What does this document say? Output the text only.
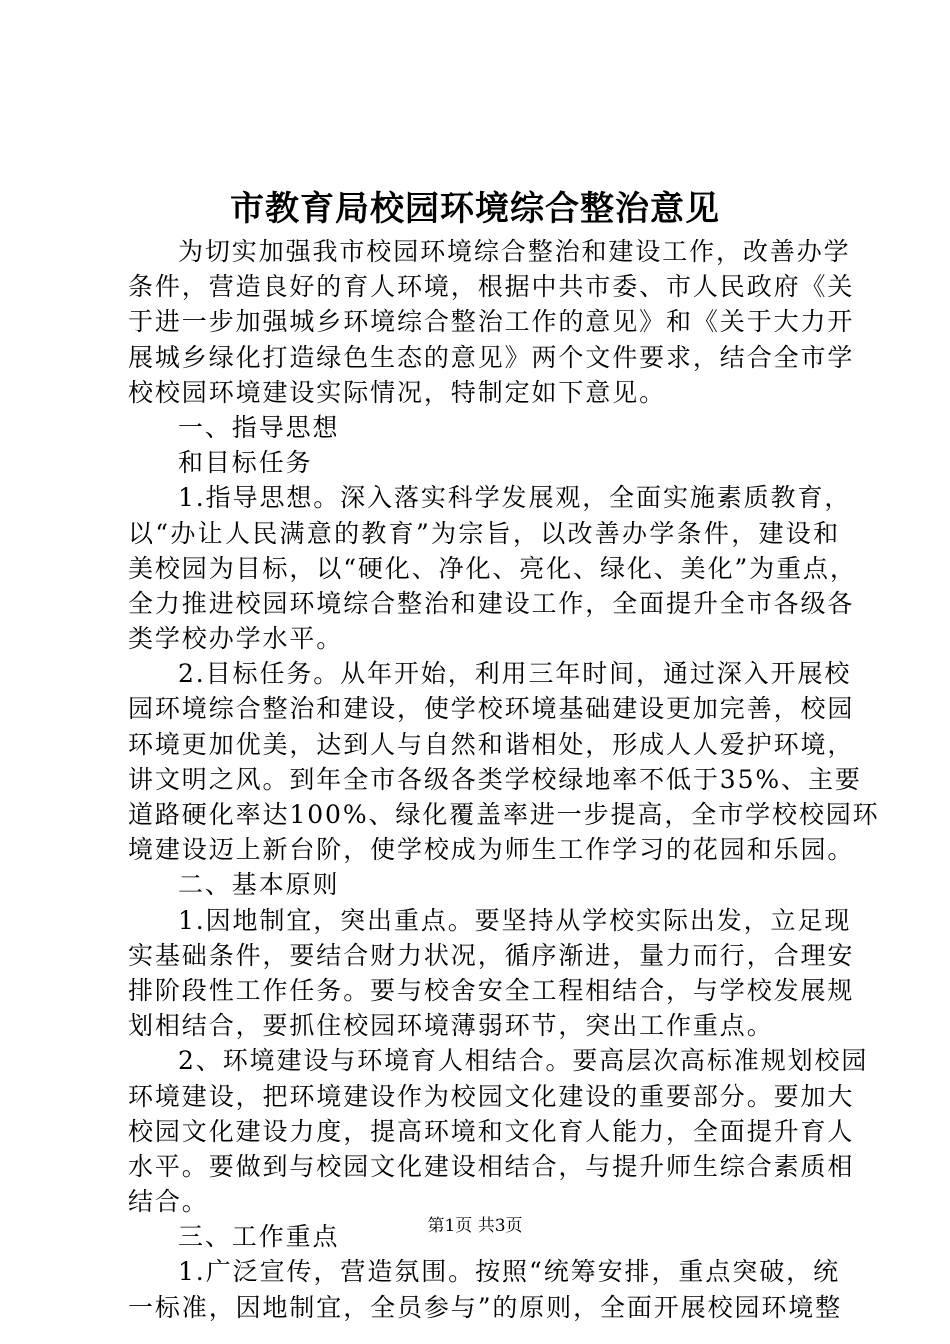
市教育局校园环境综合整治意见
为切实加强我市校园环境综合整治和建设工作，改善办学
条件，营造良好的育人环境，根据中共市委、市人民政府《关
于进一步加强城乡环境综合整治工作的意见》和《关于大力开
展城乡绿化打造绿色生态的意见》两个文件要求，结合全市学
校校园环境建设实际情况，特制定如下意见。
一、指导思想
和目标任务
1.指导思想。深入落实科学发展观，全面实施素质教育，
以“办让人民满意的教育”为宗旨，以改善办学条件，建设和
美校园为目标，以“硬化、净化、亮化、绿化、美化”为重点，
全力推进校园环境综合整治和建设工作，全面提升全市各级各
类学校办学水平。
2.目标任务。从年开始，利用三年时间，通过深入开展校
园环境综合整治和建设，使学校环境基础建设更加完善，校园
环境更加优美，达到人与自然和谐相处，形成人人爱护环境，
讲文明之风。到年全市各级各类学校绿地率不低于35%、主要
道路硬化率达100%、绿化覆盖率进一步提高，全市学校校园环
境建设迈上新台阶，使学校成为师生工作学习的花园和乐园。
二、基本原则
1.因地制宜，突出重点。要坚持从学校实际出发，立足现
实基础条件，要结合财力状况，循序渐进，量力而行，合理安
排阶段性工作任务。要与校舍安全工程相结合，与学校发展规
划相结合，要抓住校园环境薄弱环节，突出工作重点。
2、环境建设与环境育人相结合。要高层次高标准规划校园
环境建设，把环境建设作为校园文化建设的重要部分。要加大
校园文化建设力度，提高环境和文化育人能力，全面提升育人
水平。要做到与校园文化建设相结合，与提升师生综合素质相
结合。
三、工作重点
1.广泛宣传，营造氛围。按照“统筹安排，重点突破，统
一标准，因地制宜，全员参与”的原则，全面开展校园环境整
第1页 共3页
